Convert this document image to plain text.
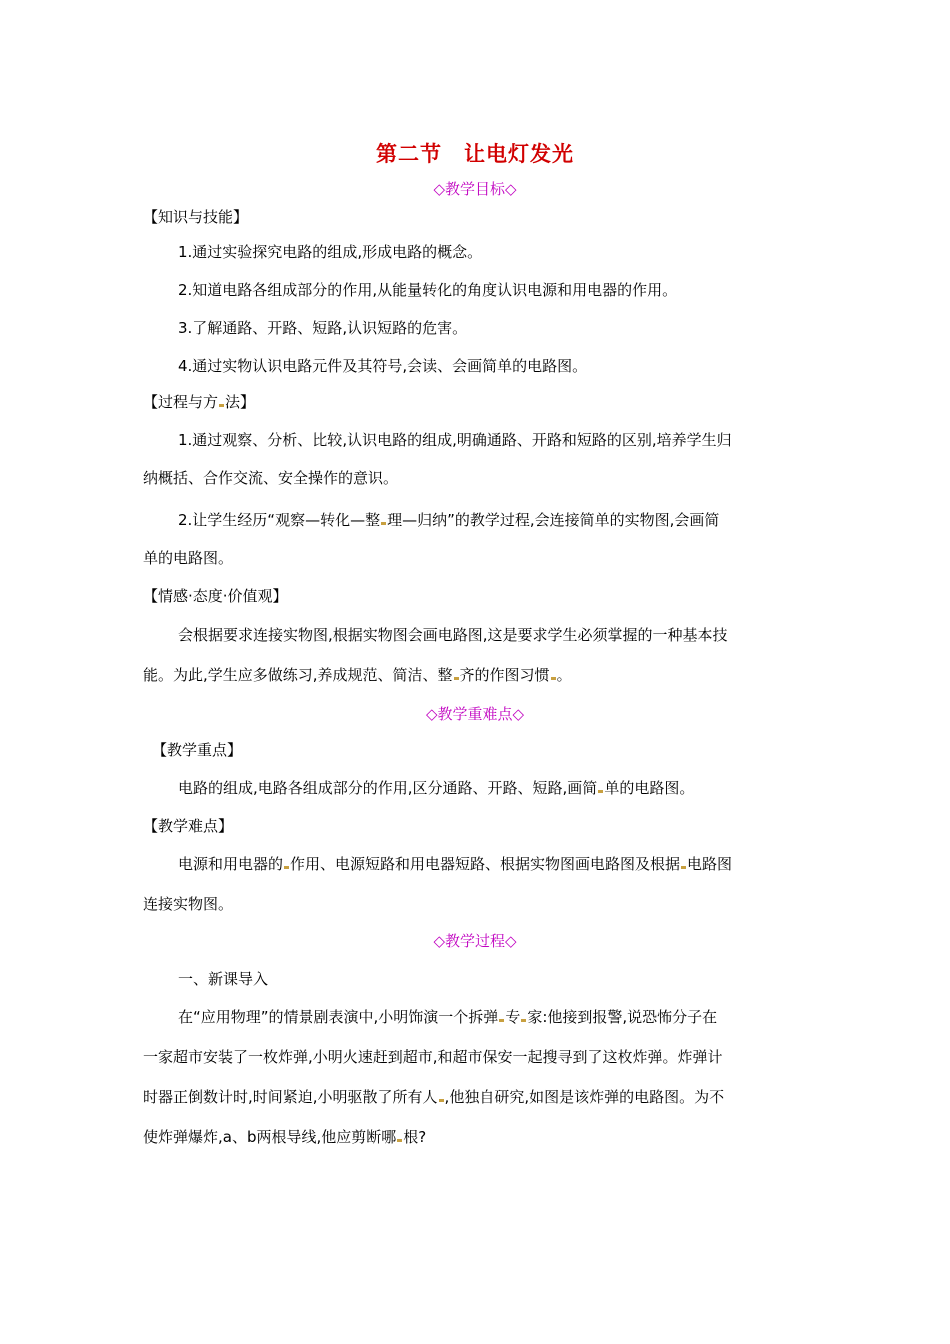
第二节　让电灯发光
◇教学目标◇
【知识与技能】
1.通过实验探究电路的组成,形成电路的概念。
2.知道电路各组成部分的作用,从能量转化的角度认识电源和用电器的作用。
3.了解通路、开路、短路,认识短路的危害。
4.通过实物认识电路元件及其符号,会读、会画简单的电路图。
【过程与方 法】
1.通过观察、分析、比较,认识电路的组成,明确通路、开路和短路的区别,培养学生归
纳概括、合作交流、安全操作的意识。
2.让学生经历“观察—转化—整 理—归纳”的教学过程,会连接简单的实物图,会画简
单的电路图。
【情感·态度·价值观】
会根据要求连接实物图,根据实物图会画电路图,这是要求学生必须掌握的一种基本技
能。为此,学生应多做练习,养成规范、简洁、整 齐的作图习惯 。
◇教学重难点◇
【教学重点】
电路的组成,电路各组成部分的作用,区分通路、开路、短路,画简 单的电路图。
【教学难点】
电源和用电器的 作用、电源短路和用电器短路、根据实物图画电路图及根据 电路图
连接实物图。
◇教学过程◇
一、新课导入
在“应用物理”的情景剧表演中,小明饰演一个拆弹 专 家:他接到报警,说恐怖分子在
一家超市安装了一枚炸弹,小明火速赶到超市,和超市保安一起搜寻到了这枚炸弹。炸弹计
时器正倒数计时,时间紧迫,小明驱散了所有人 ,他独自研究,如图是该炸弹的电路图。为不
使炸弹爆炸,a、b两根导线,他应剪断哪 根?
